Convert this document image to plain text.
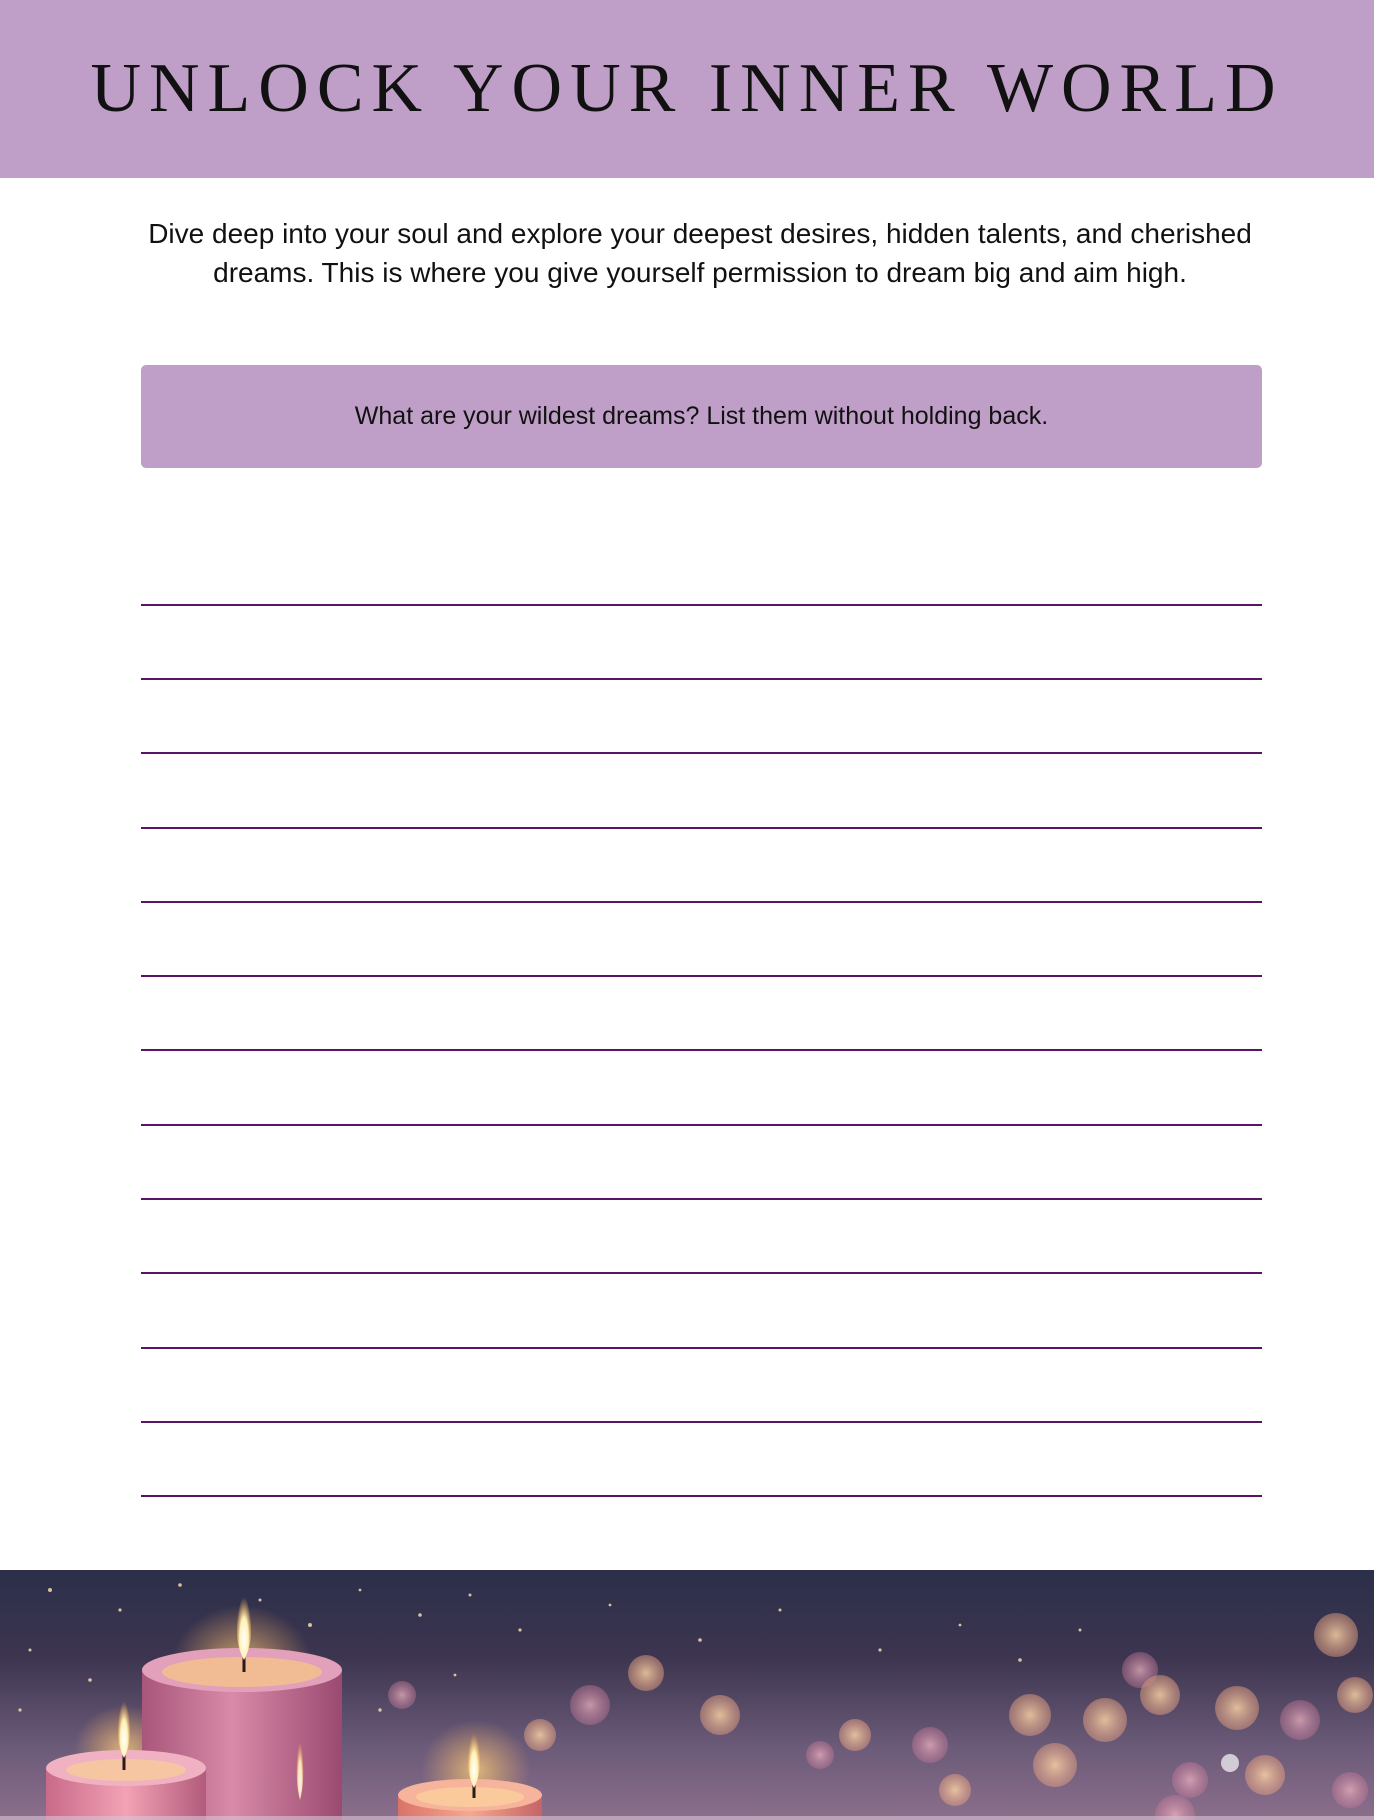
UNLOCK YOUR INNER WORLD

Dive deep into your soul and explore your deepest desires, hidden talents, and cherished dreams. This is where you give yourself permission to dream big and aim high.

What are your wildest dreams? List them without holding back.
